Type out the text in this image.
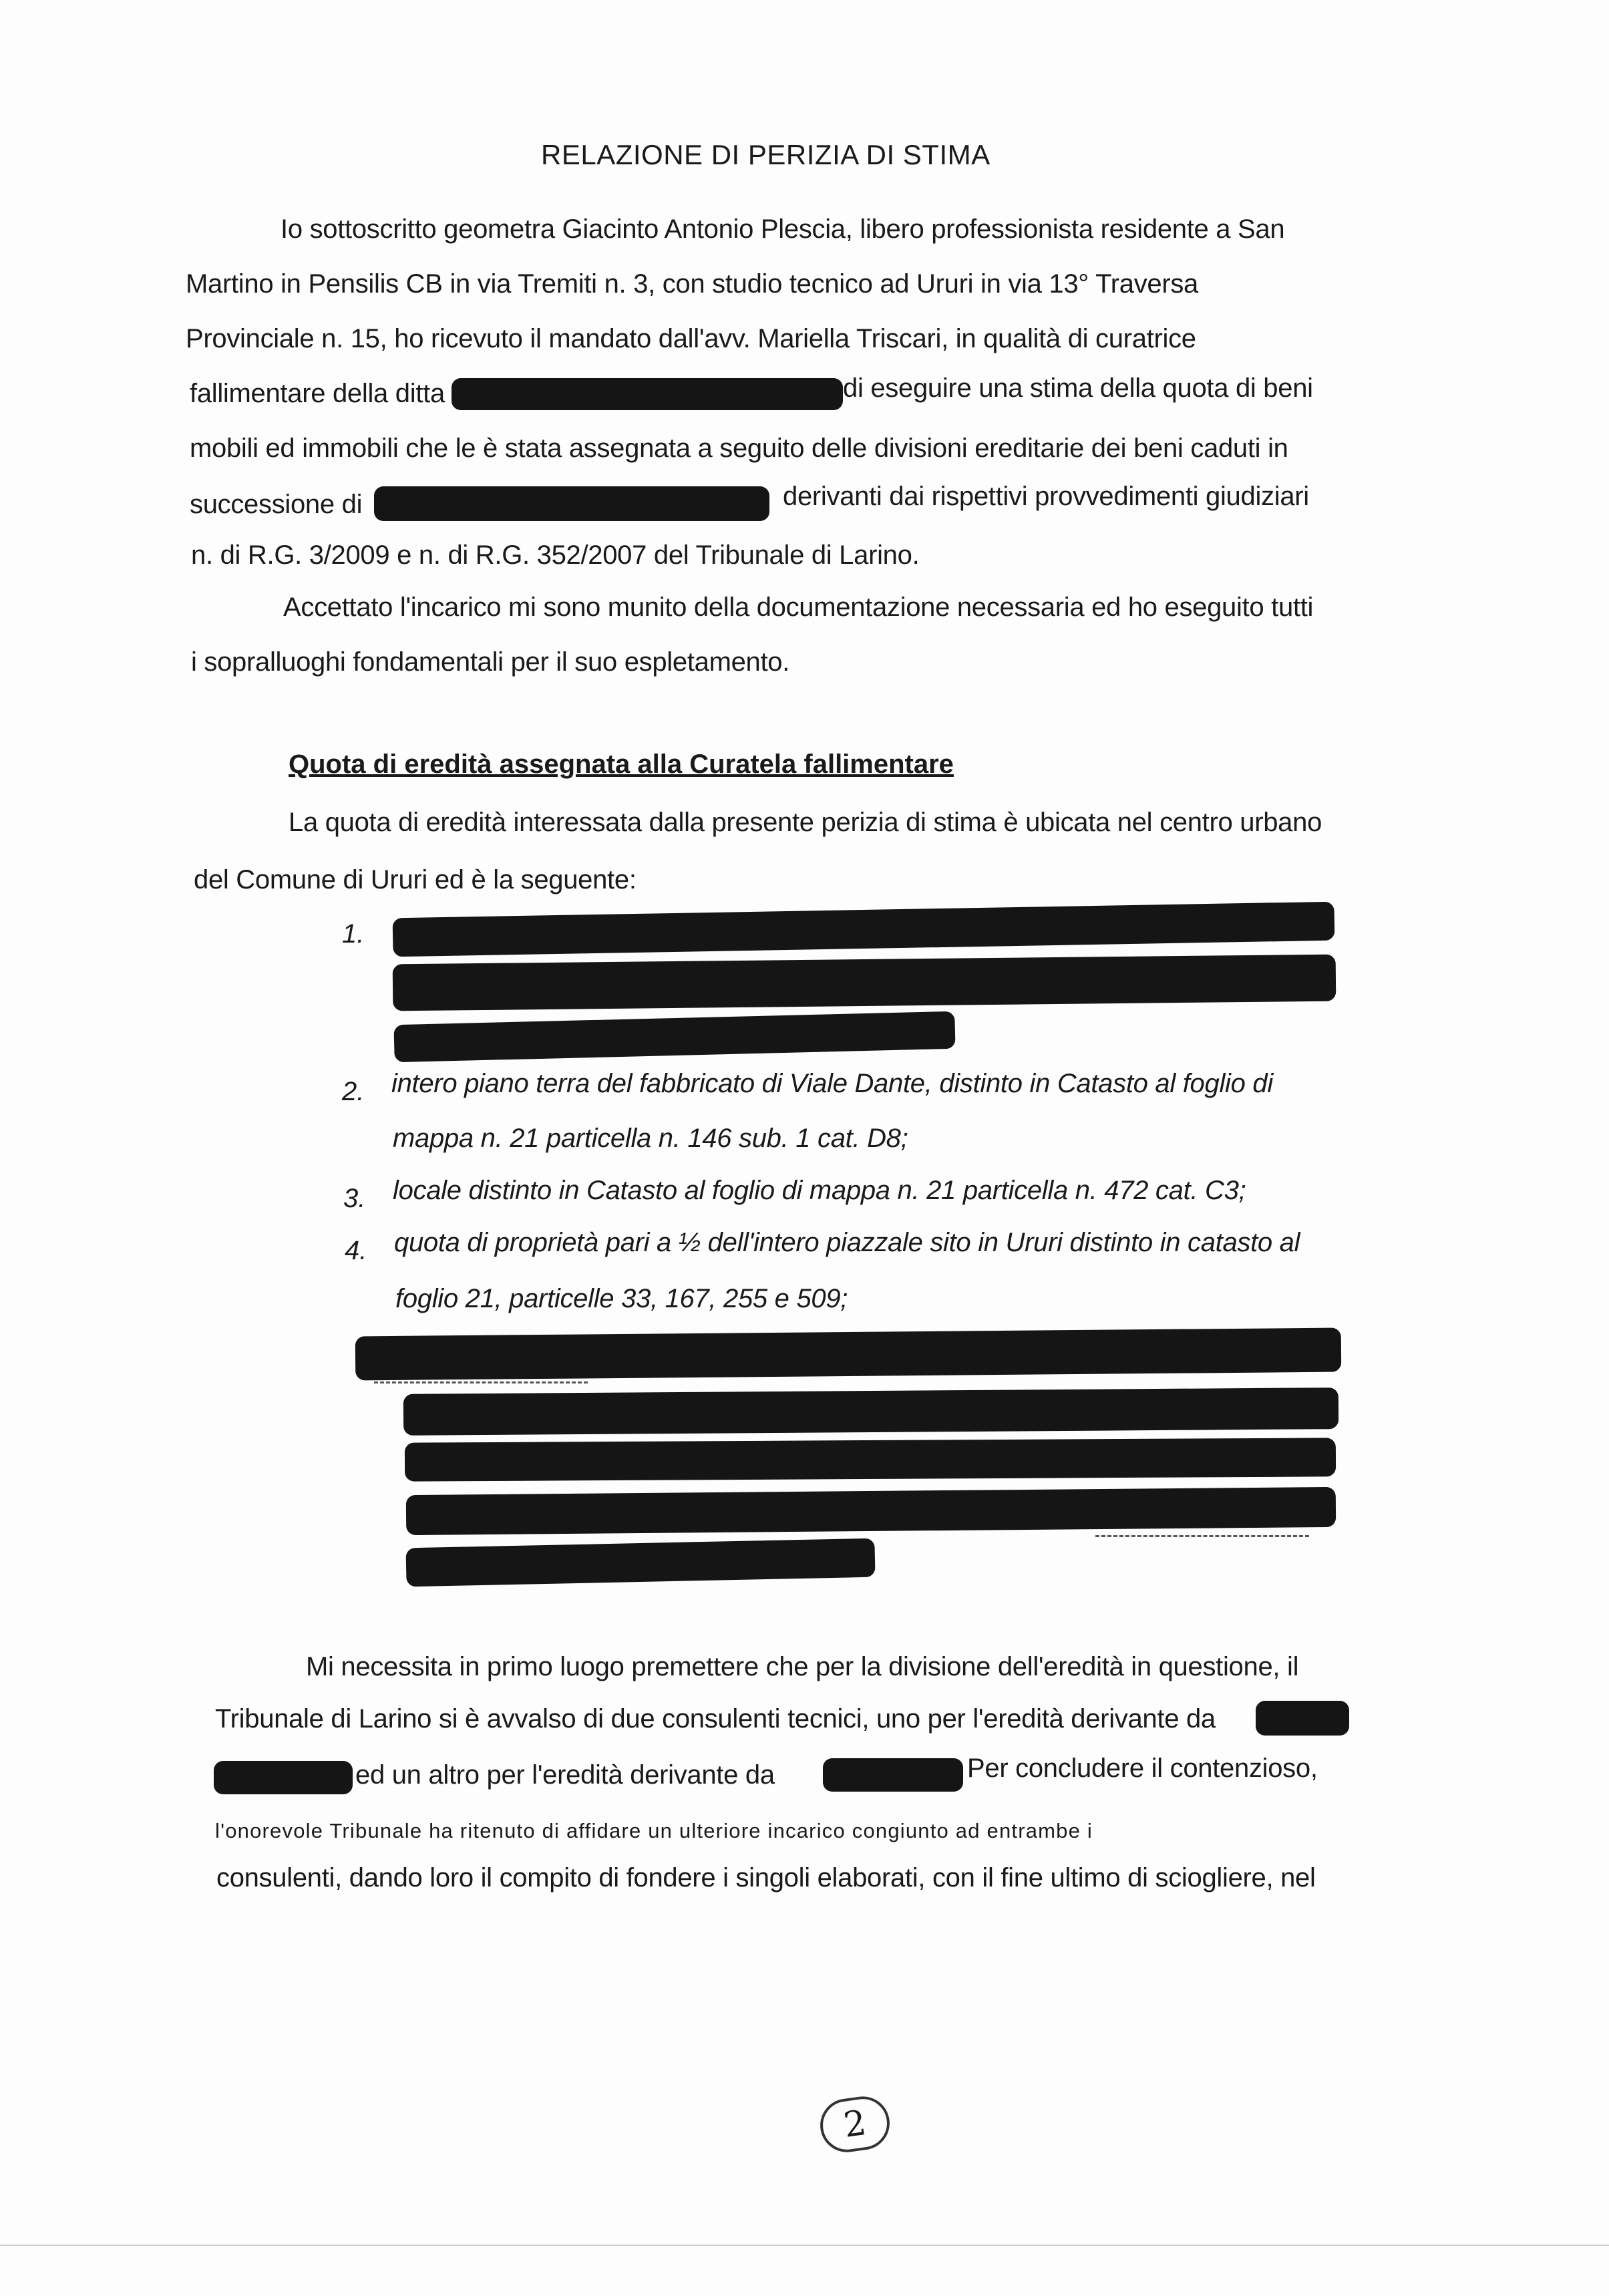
RELAZIONE DI PERIZIA DI STIMA
Io sottoscritto geometra Giacinto Antonio Plescia, libero professionista residente a San
Martino in Pensilis CB in via Tremiti n. 3, con studio tecnico ad Ururi in via 13° Traversa
Provinciale n. 15, ho ricevuto il mandato dall'avv. Mariella Triscari, in qualità di curatrice
fallimentare della ditta	di eseguire una stima della quota di beni
mobili ed immobili che le è stata assegnata a seguito delle divisioni ereditarie dei beni caduti in
successione di	derivanti dai rispettivi provvedimenti giudiziari
n. di R.G. 3/2009 e n. di R.G. 352/2007 del Tribunale di Larino.
Accettato l'incarico mi sono munito della documentazione necessaria ed ho eseguito tutti
i sopralluoghi fondamentali per il suo espletamento.
Quota di eredità assegnata alla Curatela fallimentare
La quota di eredità interessata dalla presente perizia di stima è ubicata nel centro urbano
del Comune di Ururi ed è la seguente:
1.
2. intero piano terra del fabbricato di Viale Dante, distinto in Catasto al foglio di
mappa n. 21 particella n. 146 sub. 1 cat. D8;
3. locale distinto in Catasto al foglio di mappa n. 21 particella n. 472 cat. C3;
4. quota di proprietà pari a ½ dell'intero piazzale sito in Ururi distinto in catasto al
foglio 21, particelle 33, 167, 255 e 509;
Mi necessita in primo luogo premettere che per la divisione dell'eredità in questione, il
Tribunale di Larino si è avvalso di due consulenti tecnici, uno per l'eredità derivante da
ed un altro per l'eredità derivante da	Per concludere il contenzioso,
l'onorevole Tribunale ha ritenuto di affidare un ulteriore incarico congiunto ad entrambe i
consulenti, dando loro il compito di fondere i singoli elaborati, con il fine ultimo di sciogliere, nel
2
